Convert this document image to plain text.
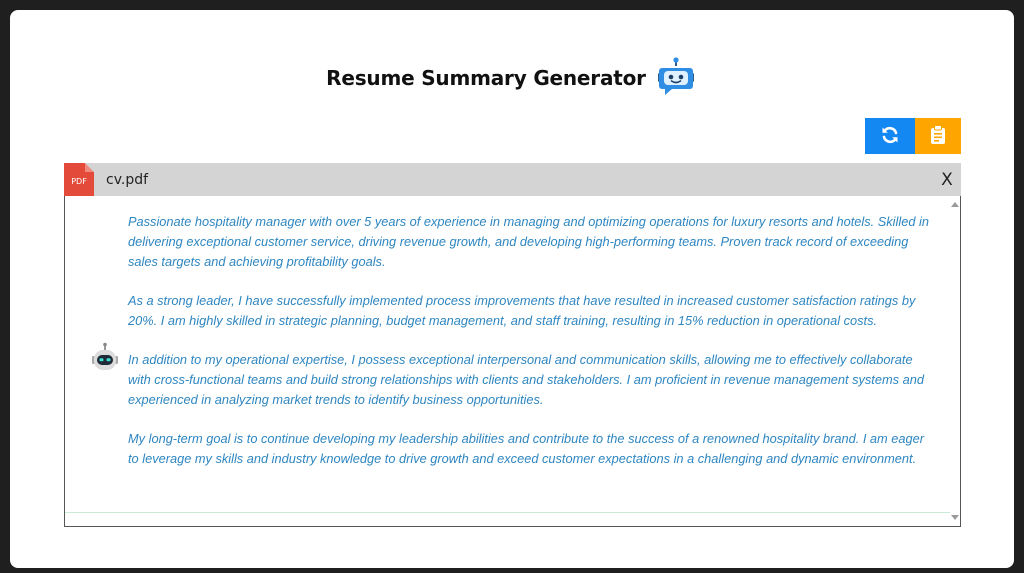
Resume Summary Generator
PDF cv.pdf	X

Passionate hospitality manager with over 5 years of experience in managing and optimizing operations for luxury resorts and hotels. Skilled in delivering exceptional customer service, driving revenue growth, and developing high-performing teams. Proven track record of exceeding sales targets and achieving profitability goals.

As a strong leader, I have successfully implemented process improvements that have resulted in increased customer satisfaction ratings by 20%. I am highly skilled in strategic planning, budget management, and staff training, resulting in 15% reduction in operational costs.

In addition to my operational expertise, I possess exceptional interpersonal and communication skills, allowing me to effectively collaborate with cross-functional teams and build strong relationships with clients and stakeholders. I am proficient in revenue management systems and experienced in analyzing market trends to identify business opportunities.

My long-term goal is to continue developing my leadership abilities and contribute to the success of a renowned hospitality brand. I am eager to leverage my skills and industry knowledge to drive growth and exceed customer expectations in a challenging and dynamic environment.
